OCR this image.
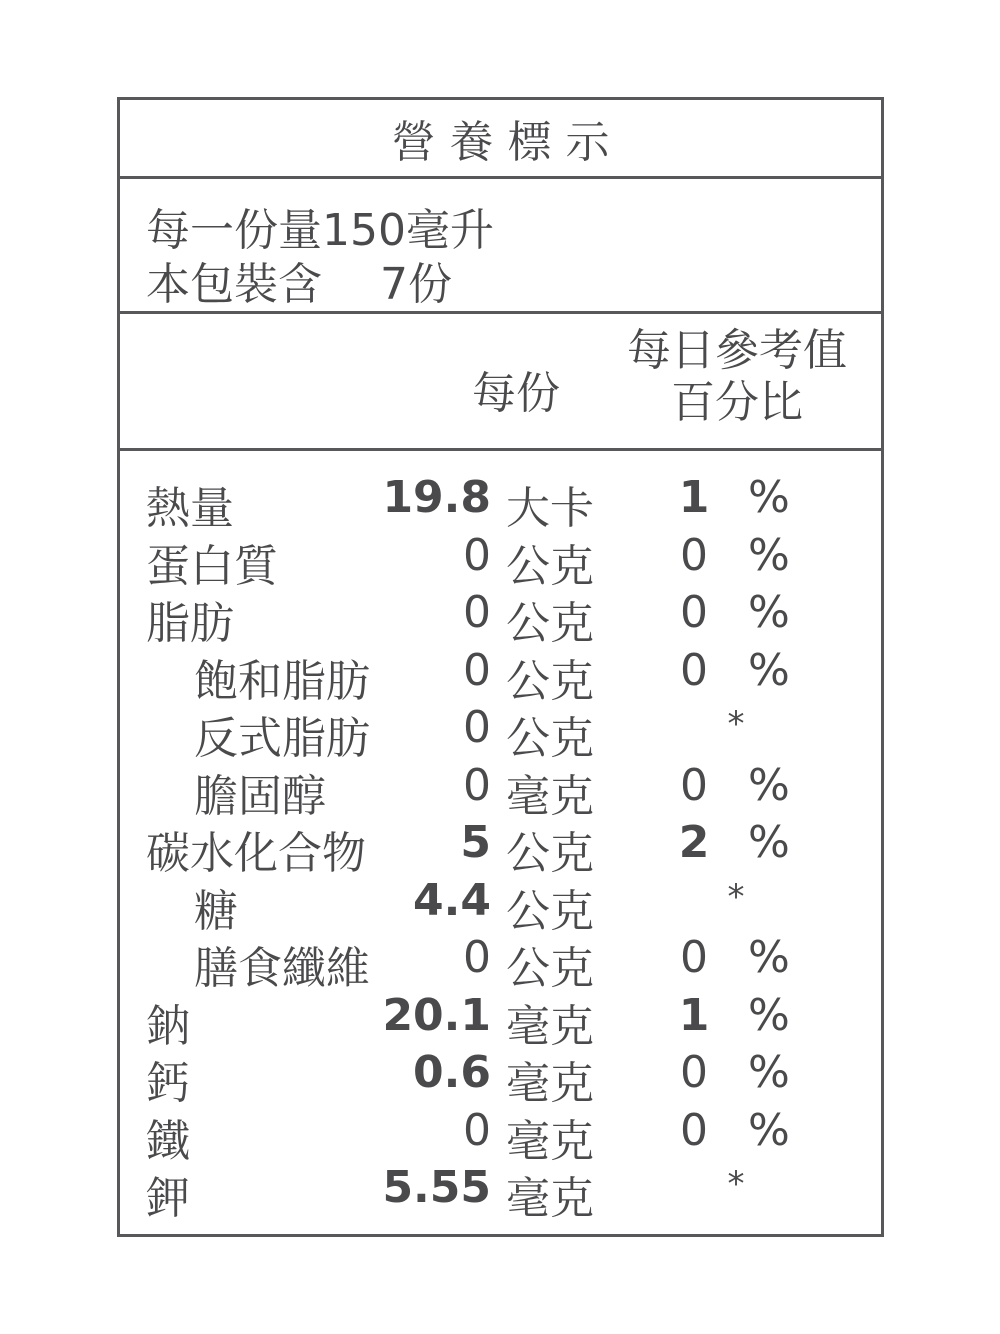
營養標示
每一份量150毫升
本包裝含　 7份
每份
每日參考值
百分比
熱量	19.8 大卡 1 %
蛋白質	0 公克 0 %
脂肪	0 公克 0 %
飽和脂肪 0 公克 0 %
反式脂肪 0 公克	*
膽固醇	0 毫克 0 %
碳水化合物 5 公克 2 %
糖	4.4 公克	*
膳食纖維 0 公克 0 %
鈉	20.1 毫克 1 %
鈣	0.6 毫克 0 %
鐵	0 毫克 0 %
鉀	5.55 毫克	*
